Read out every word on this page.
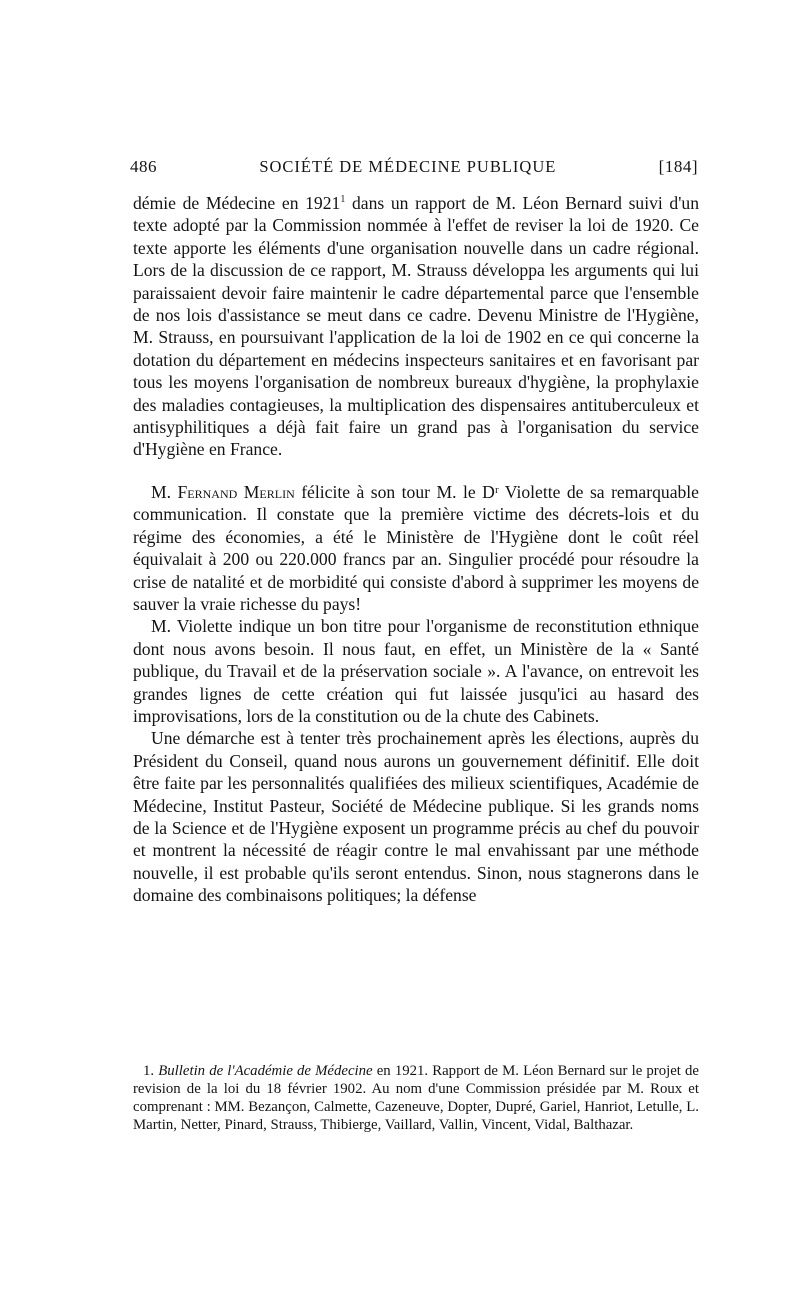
486	SOCIÉTÉ DE MÉDECINE PUBLIQUE	[184]

démie de Médecine en 1921$^1$ dans un rapport de M. Léon Bernard suivi d'un texte adopté par la Commission nommée à l'effet de reviser la loi de 1920. Ce texte apporte les éléments d'une organisation nouvelle dans un cadre régional. Lors de la discussion de ce rapport, M. Strauss développa les arguments qui lui paraissaient devoir faire maintenir le cadre départemental parce que l'ensemble de nos lois d'assistance se meut dans ce cadre. Devenu Ministre de l'Hygiène, M. Strauss, en poursuivant l'application de la loi de 1902 en ce qui concerne la dotation du département en médecins inspecteurs sanitaires et en favorisant par tous les moyens l'organisation de nombreux bureaux d'hygiène, la prophylaxie des maladies contagieuses, la multiplication des dispensaires antituberculeux et antisyphilitiques a déjà fait faire un grand pas à l'organisation du service d'Hygiène en France.

M. Fernand Merlin félicite à son tour M. le Dʳ Violette de sa remarquable communication. Il constate que la première victime des décrets-lois et du régime des économies, a été le Ministère de l'Hygiène dont le coût réel équivalait à 200 ou 220.000 francs par an. Singulier procédé pour résoudre la crise de natalité et de morbidité qui consiste d'abord à supprimer les moyens de sauver la vraie richesse du pays!

M. Violette indique un bon titre pour l'organisme de reconstitution ethnique dont nous avons besoin. Il nous faut, en effet, un Ministère de la « Santé publique, du Travail et de la préservation sociale ». A l'avance, on entrevoit les grandes lignes de cette création qui fut laissée jusqu'ici au hasard des improvisations, lors de la constitution ou de la chute des Cabinets.

Une démarche est à tenter très prochainement après les élections, auprès du Président du Conseil, quand nous aurons un gouvernement définitif. Elle doit être faite par les personnalités qualifiées des milieux scientifiques, Académie de Médecine, Institut Pasteur, Société de Médecine publique. Si les grands noms de la Science et de l'Hygiène exposent un programme précis au chef du pouvoir et montrent la nécessité de réagir contre le mal envahissant par une méthode nouvelle, il est probable qu'ils seront entendus. Sinon, nous stagnerons dans le domaine des combinaisons politiques; la défense

1. Bulletin de l'Académie de Médecine en 1921. Rapport de M. Léon Bernard sur le projet de revision de la loi du 18 février 1902. Au nom d'une Commission présidée par M. Roux et comprenant : MM. Bezançon, Calmette, Cazeneuve, Dopter, Dupré, Gariel, Hanriot, Letulle, L. Martin, Netter, Pinard, Strauss, Thibierge, Vaillard, Vallin, Vincent, Vidal, Balthazar.
